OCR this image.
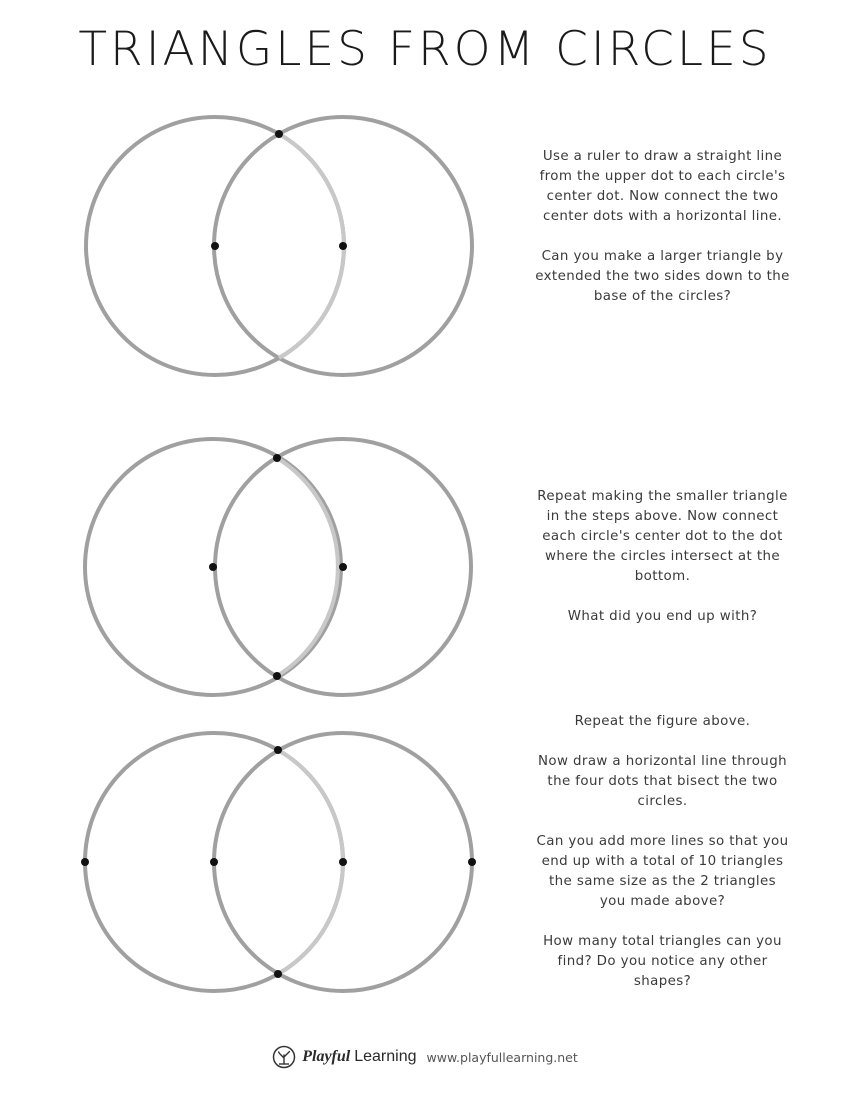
TRIANGLES FROM CIRCLES

Use a ruler to draw a straight line from the upper dot to each circle's center dot. Now connect the two center dots with a horizontal line.

Can you make a larger triangle by extended the two sides down to the base of the circles?

Repeat making the smaller triangle in the steps above. Now connect each circle's center dot to the dot where the circles intersect at the bottom.

What did you end up with?

Repeat the figure above.

Now draw a horizontal line through the four dots that bisect the two circles.

Can you add more lines so that you end up with a total of 10 triangles the same size as the 2 triangles you made above?

How many total triangles can you find? Do you notice any other shapes?

Playful Learning www.playfullearning.net
